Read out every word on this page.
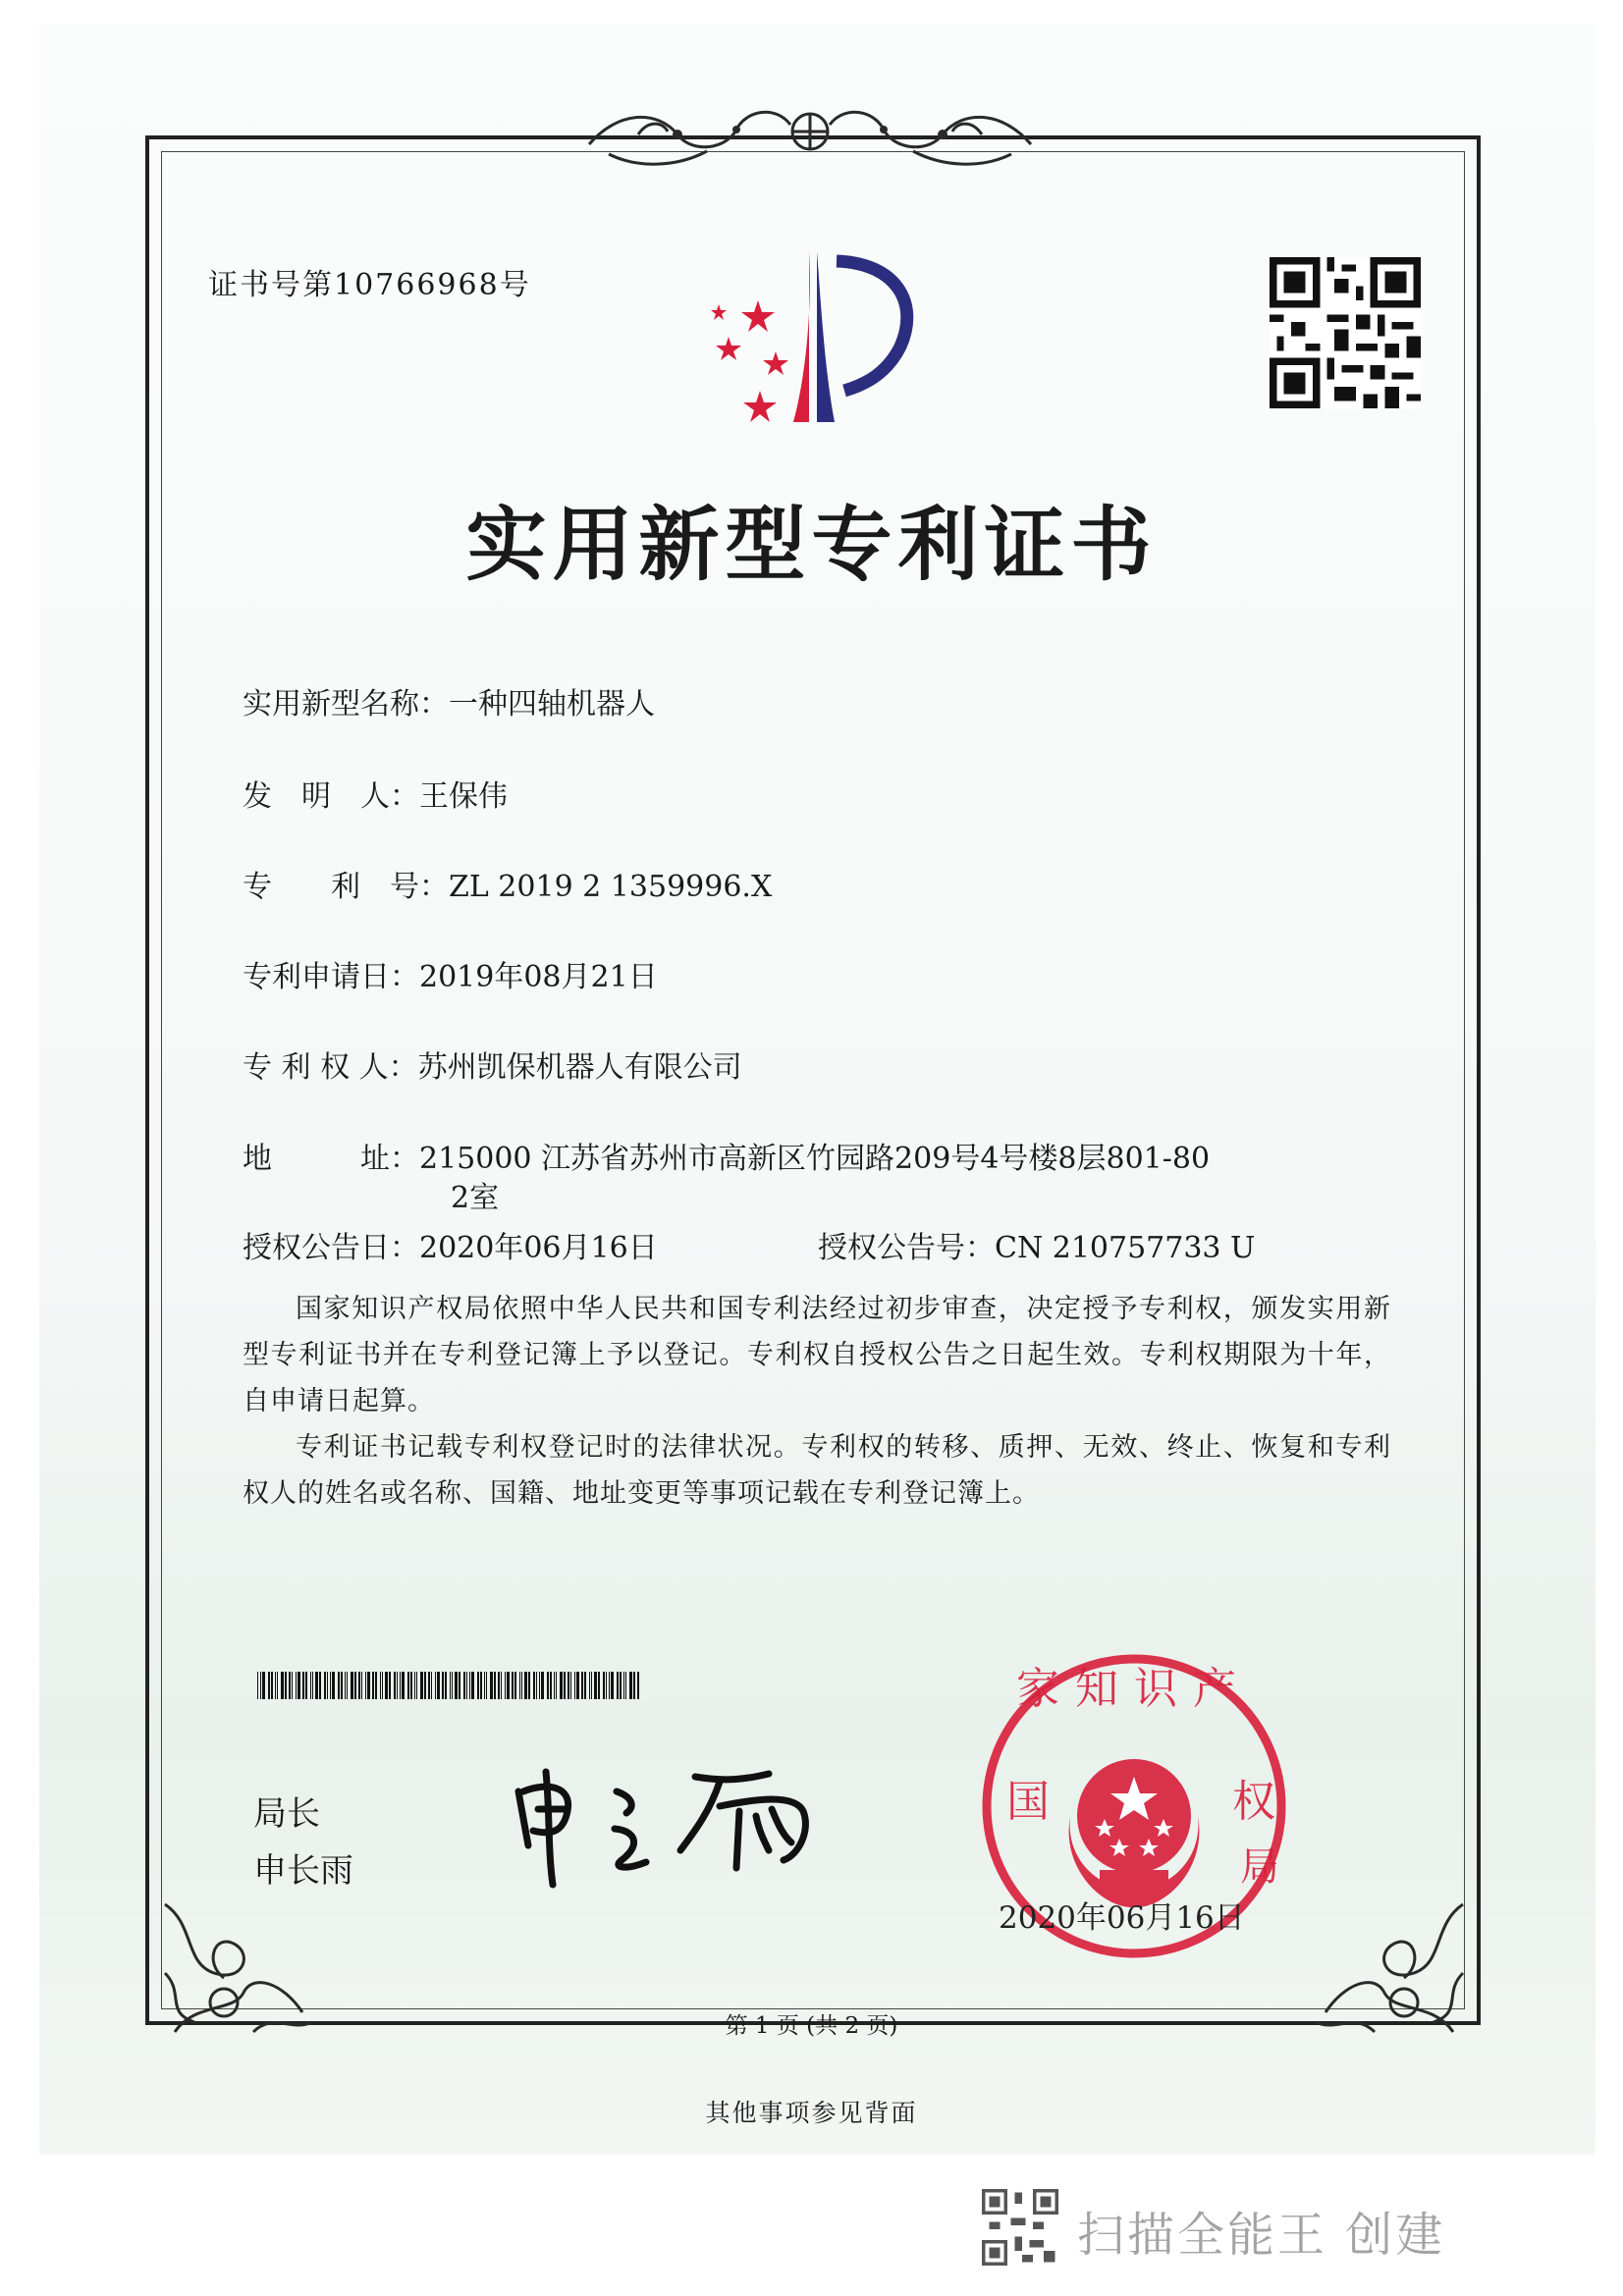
证书号第10766968号
实用新型专利证书
实用新型名称：一种四轴机器人
发　明　人：王保伟
专　　利　号：ZL 2019 2 1359996.X
专利申请日：2019年08月21日
专 利 权 人：苏州凯保机器人有限公司
地　　　址：215000 江苏省苏州市高新区竹园路209号4号楼8层801-80
2室
授权公告日：2020年06月16日	授权公告号：CN 210757733 U

国家知识产权局依照中华人民共和国专利法经过初步审查，决定授予专利权，颁发实用新型专利证书并在专利登记簿上予以登记。专利权自授权公告之日起生效。专利权期限为十年，自申请日起算。

专利证书记载专利权登记时的法律状况。专利权的转移、质押、无效、终止、恢复和专利权人的姓名或名称、国籍、地址变更等事项记载在专利登记簿上。

局长
申长雨
家知识产
国	权
局
2020年06月16日
第 1 页 (共 2 页)
其他事项参见背面
扫描全能王 创建
